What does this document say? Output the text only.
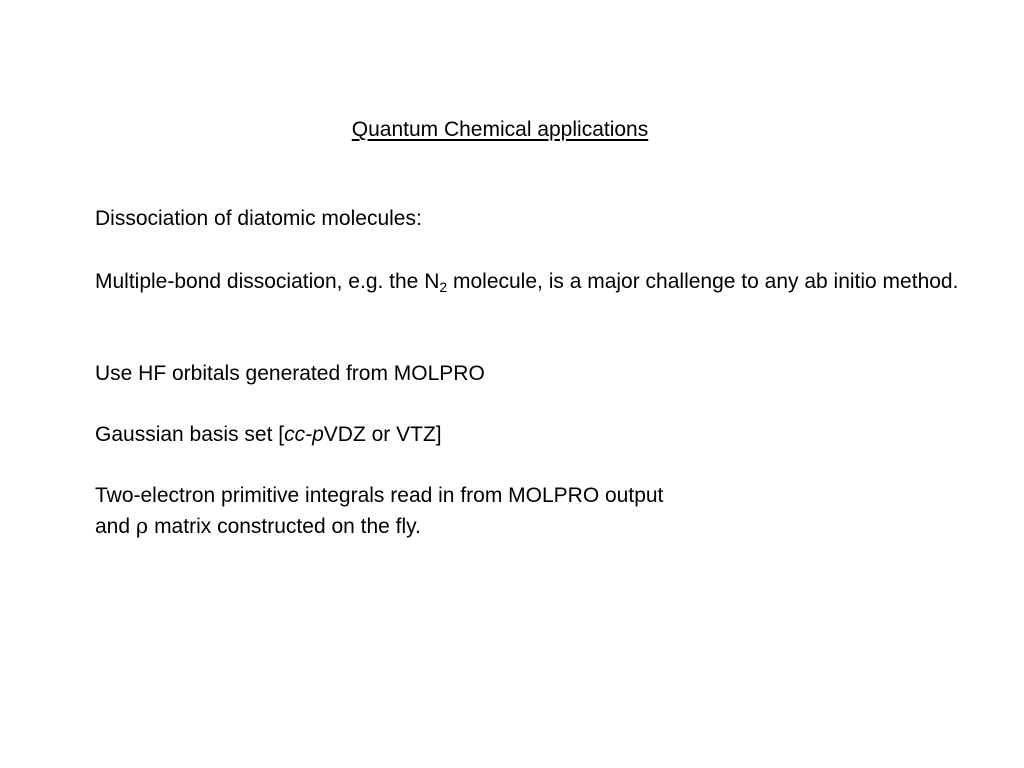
Quantum Chemical applications

Dissociation of diatomic molecules:

Multiple-bond dissociation, e.g. the $N_2$ molecule, is a major challenge to any ab initio method.

Use HF orbitals generated from MOLPRO

Gaussian basis set [cc-pVDZ or VTZ]

Two-electron primitive integrals read in from MOLPRO output
and ρ matrix constructed on the fly.
